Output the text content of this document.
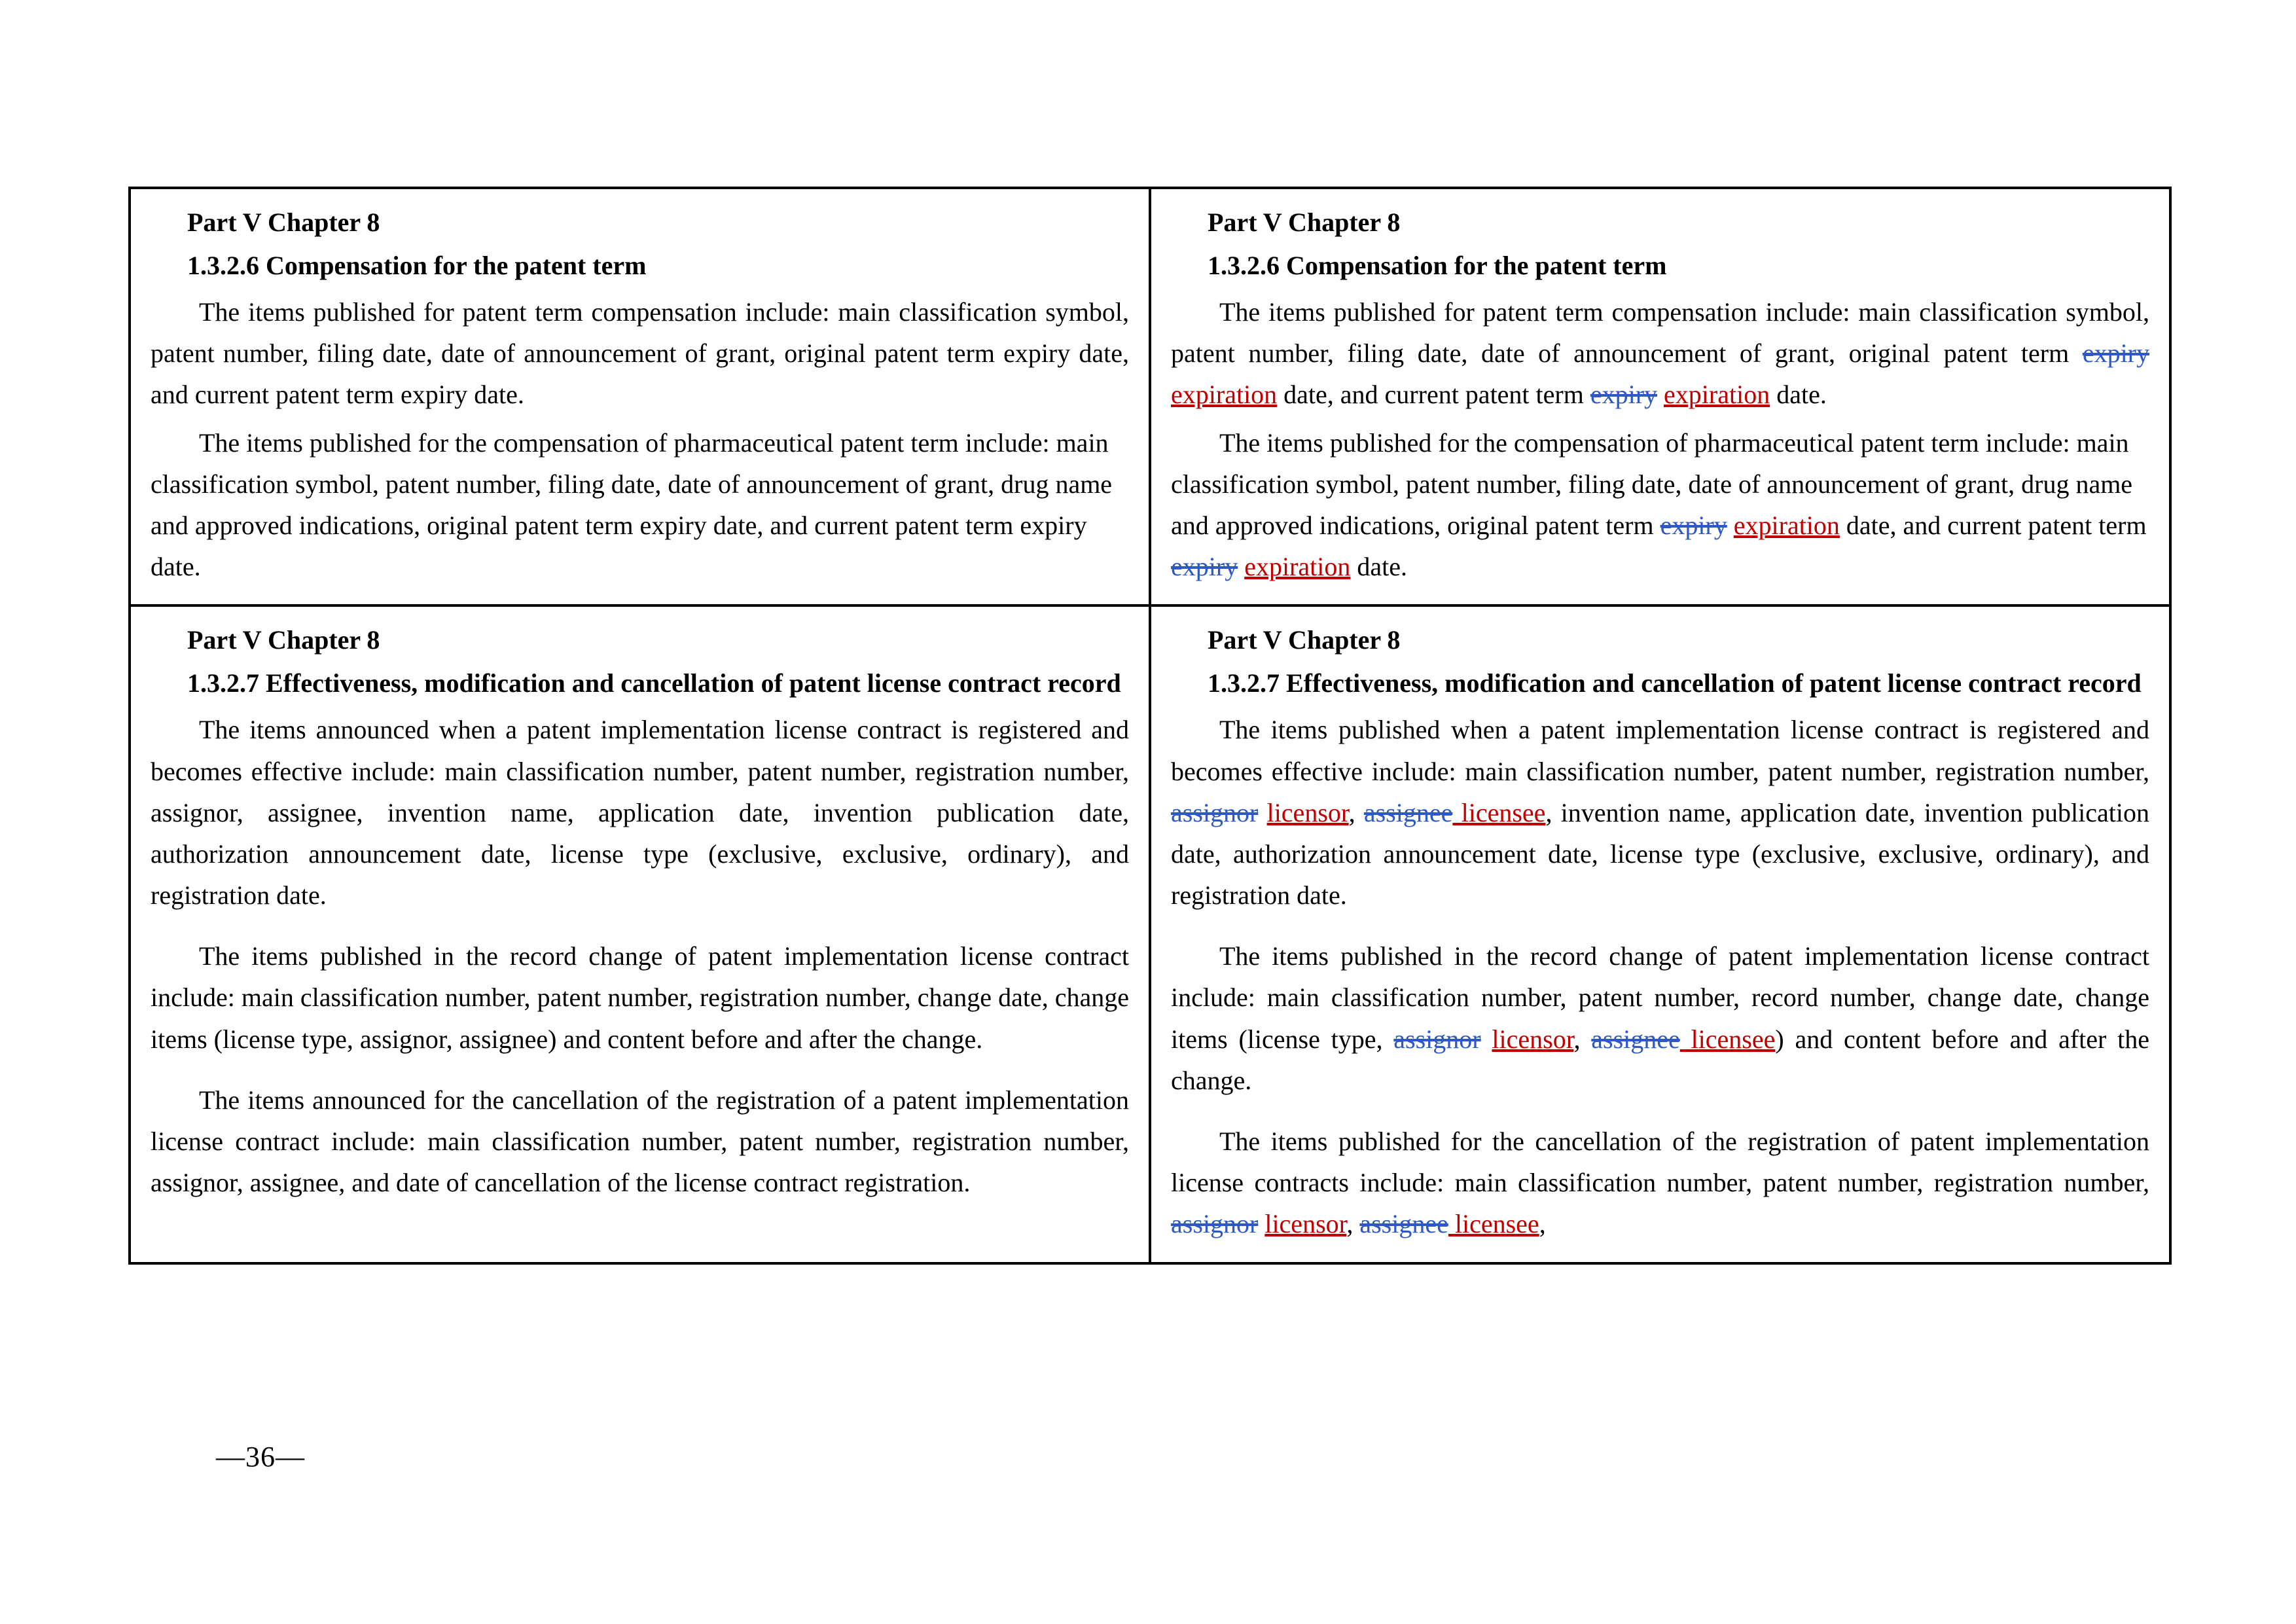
Part V Chapter 8
1.3.2.6 Compensation for the patent term

The items published for patent term compensation include: main classification symbol, patent number, filing date, date of announcement of grant, original patent term expiry date, and current patent term expiry date.

The items published for the compensation of pharmaceutical patent term include: main classification symbol, patent number, filing date, date of announcement of grant, drug name and approved indications, original patent term expiry date, and current patent term expiry date.

Part V Chapter 8
1.3.2.6 Compensation for the patent term

The items published for patent term compensation include: main classification symbol, patent number, filing date, date of announcement of grant, original patent term expiry expiration date, and current patent term expiry expiration date.

The items published for the compensation of pharmaceutical patent term include: main classification symbol, patent number, filing date, date of announcement of grant, drug name and approved indications, original patent term expiry expiration date, and current patent term expiry expiration date.

Part V Chapter 8
1.3.2.7 Effectiveness, modification and cancellation of patent license contract record

The items announced when a patent implementation license contract is registered and becomes effective include: main classification number, patent number, registration number, assignor, assignee, invention name, application date, invention publication date, authorization announcement date, license type (exclusive, exclusive, ordinary), and registration date.

The items published in the record change of patent implementation license contract include: main classification number, patent number, registration number, change date, change items (license type, assignor, assignee) and content before and after the change.

The items announced for the cancellation of the registration of a patent implementation license contract include: main classification number, patent number, registration number, assignor, assignee, and date of cancellation of the license contract registration.

Part V Chapter 8
1.3.2.7 Effectiveness, modification and cancellation of patent license contract record

The items published when a patent implementation license contract is registered and becomes effective include: main classification number, patent number, registration number, assignor licensor, assignee licensee, invention name, application date, invention publication date, authorization announcement date, license type (exclusive, exclusive, ordinary), and registration date.

The items published in the record change of patent implementation license contract include: main classification number, patent number, record number, change date, change items (license type, assignor licensor, assignee licensee) and content before and after the change.

The items published for the cancellation of the registration of patent implementation license contracts include: main classification number, patent number, registration number, assignor licensor, assignee licensee,

—36—
